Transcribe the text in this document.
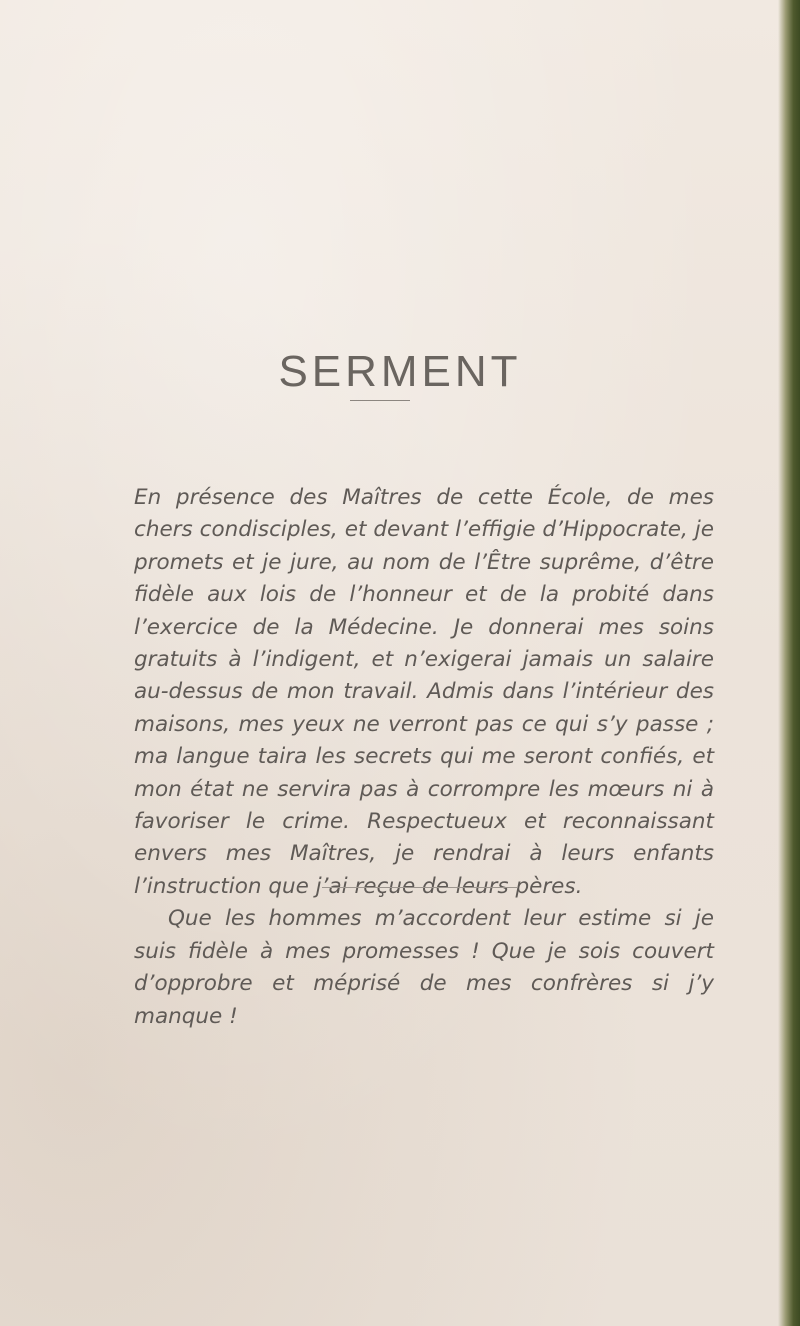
SERMENT

En présence des Maîtres de cette École, de mes chers condisciples, et devant l’effigie d’Hippocrate, je promets et je jure, au nom de l’Être suprême, d’être fidèle aux lois de l’honneur et de la probité dans l’exercice de la Médecine. Je donnerai mes soins gratuits à l’indigent, et n’exigerai jamais un salaire au-dessus de mon travail. Admis dans l’intérieur des maisons, mes yeux ne verront pas ce qui s’y passe ; ma langue taira les secrets qui me seront confiés, et mon état ne servira pas à corrompre les mœurs ni à favoriser le crime. Respectueux et reconnaissant envers mes Maîtres, je rendrai à leurs enfants l’instruction que j’ai reçue de leurs pères.

Que les hommes m’accordent leur estime si je suis fidèle à mes promesses ! Que je sois couvert d’opprobre et méprisé de mes confrères si j’y manque !
